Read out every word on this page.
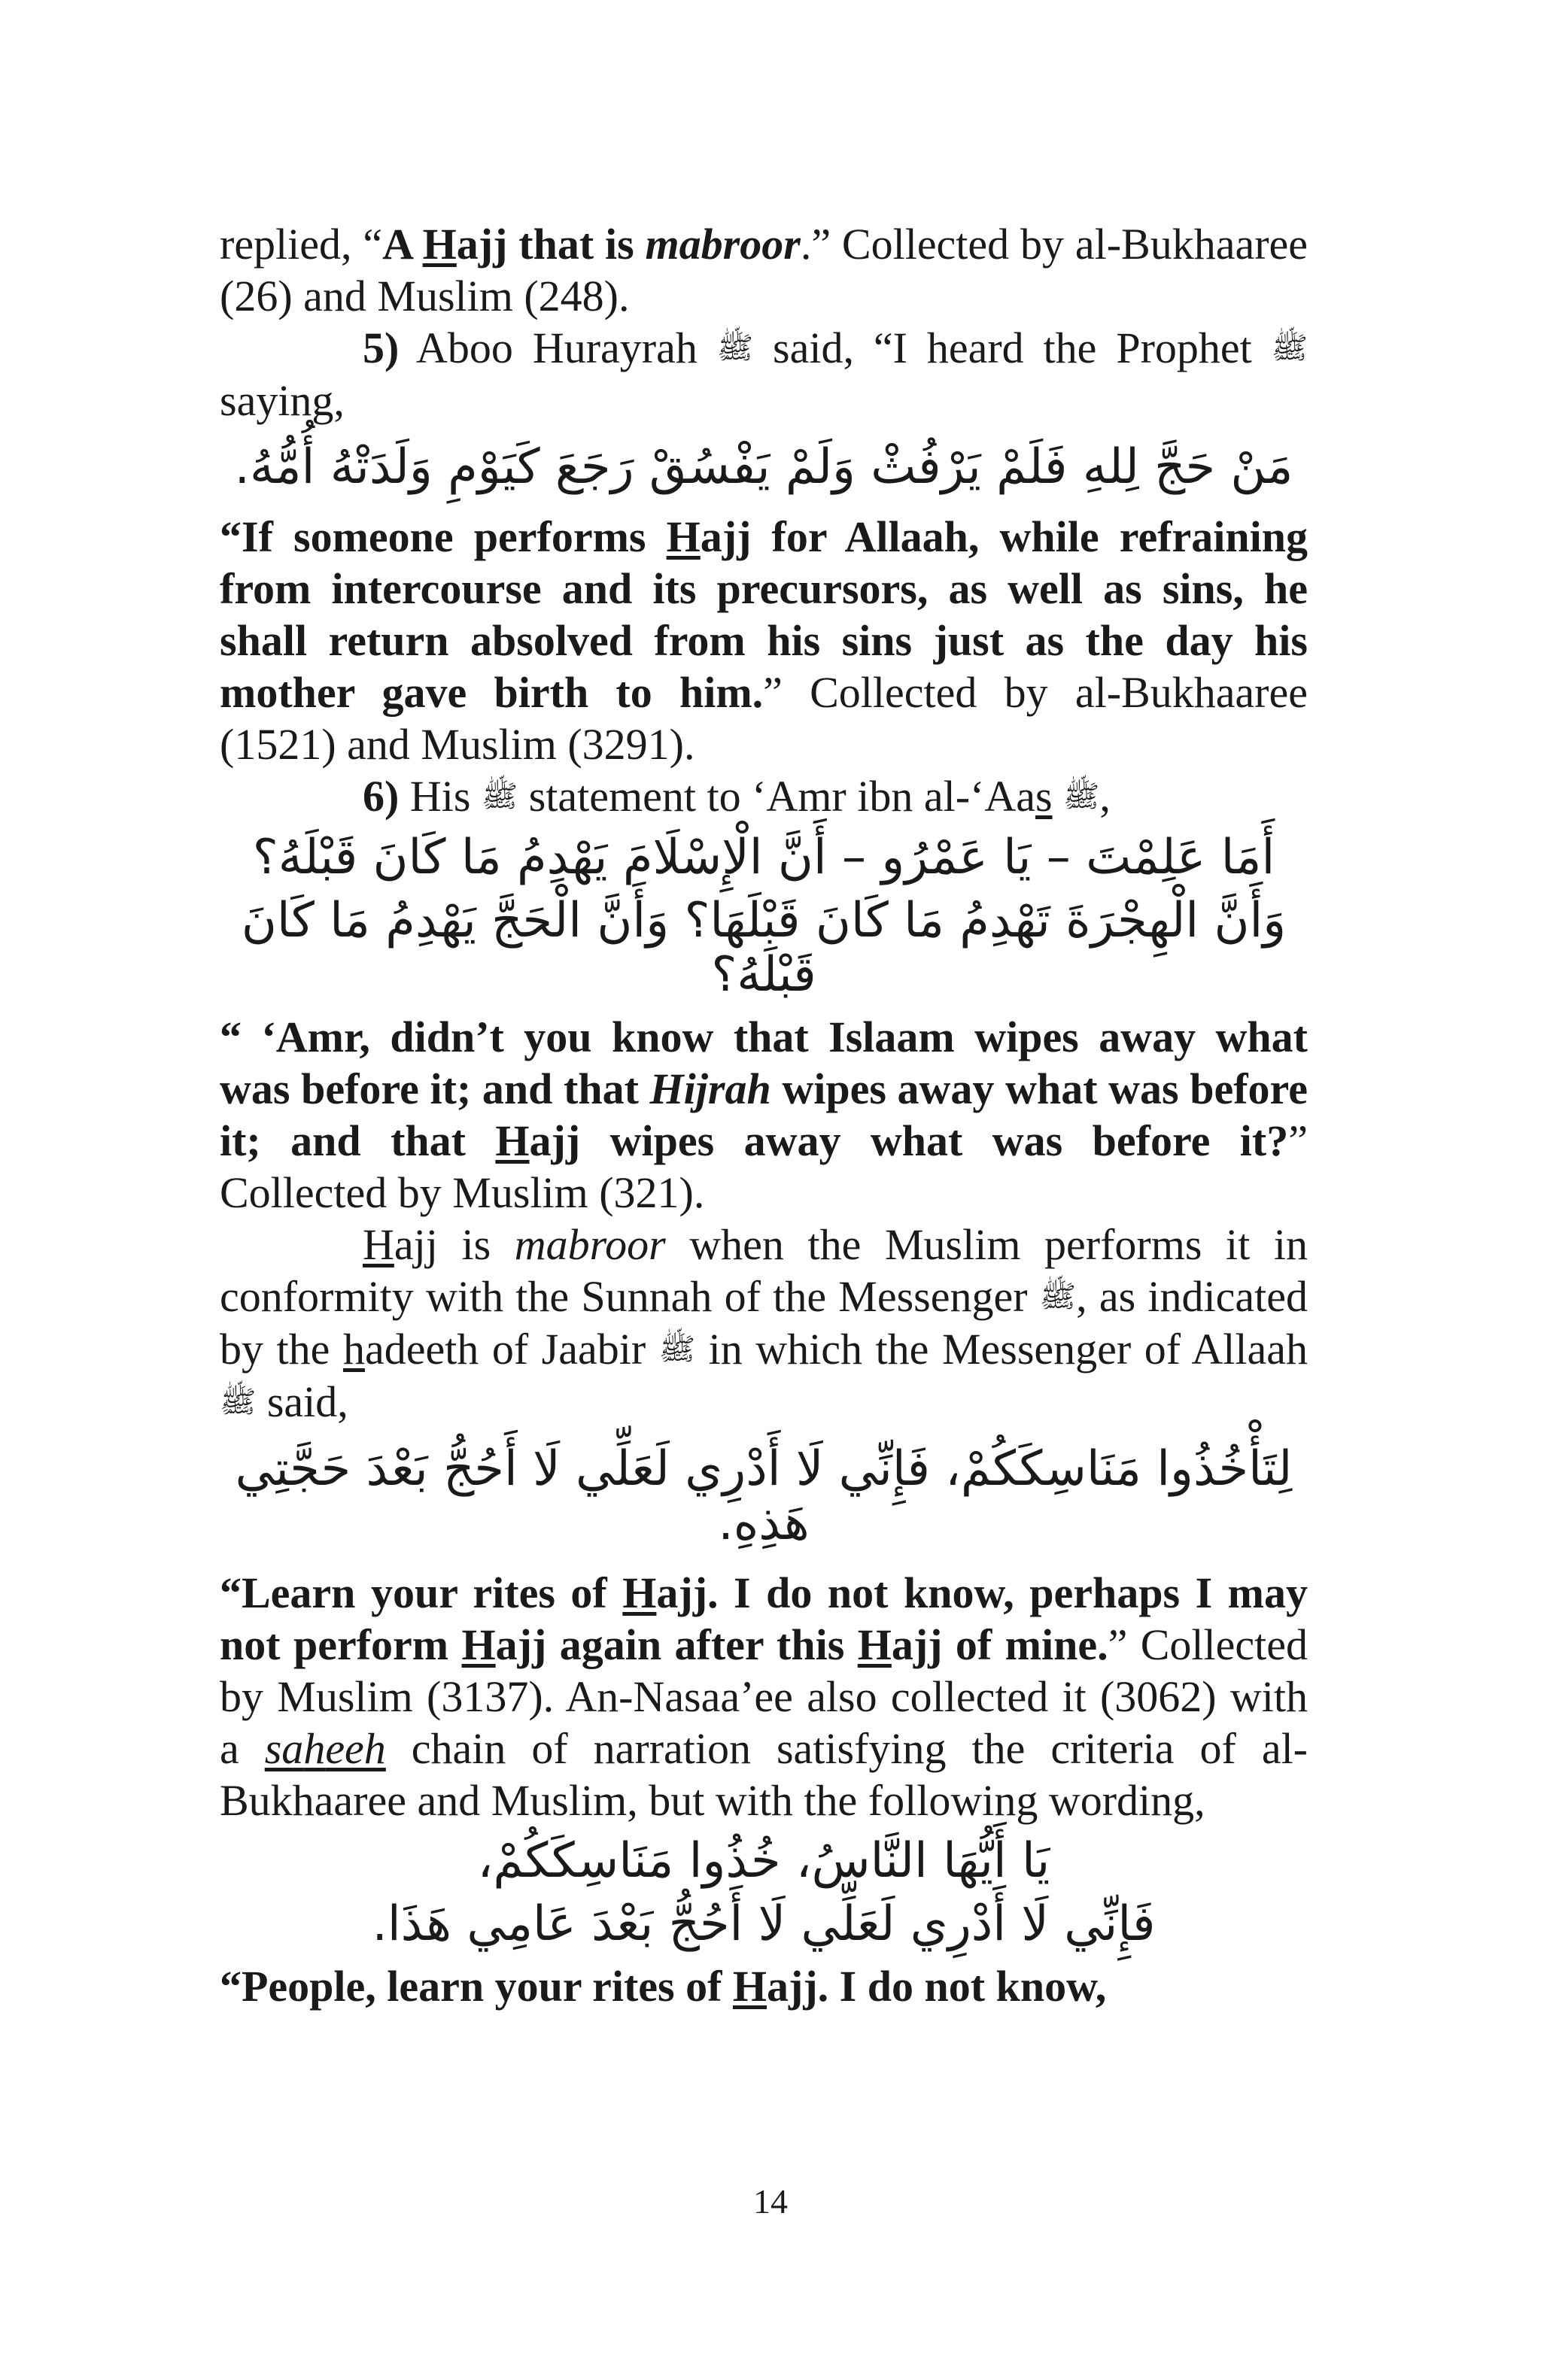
replied, “A Hajj that is mabroor.” Collected by al-Bukhaaree (26) and Muslim (248).

5) Aboo Hurayrah ﷺ said, “I heard the Prophet ﷺ saying,

مَنْ حَجَّ لِلهِ فَلَمْ يَرْفُثْ وَلَمْ يَفْسُقْ رَجَعَ كَيَوْمِ وَلَدَتْهُ أُمُّهُ.

“If someone performs Hajj for Allaah, while refraining from intercourse and its precursors, as well as sins, he shall return absolved from his sins just as the day his mother gave birth to him.” Collected by al-Bukhaaree (1521) and Muslim (3291).

6) His ﷺ statement to ‘Amr ibn al-‘Aas ﷺ,

أَمَا عَلِمْتَ – يَا عَمْرُو – أَنَّ الْإِسْلَامَ يَهْدِمُ مَا كَانَ قَبْلَهُ؟
وَأَنَّ الْهِجْرَةَ تَهْدِمُ مَا كَانَ قَبْلَهَا؟ وَأَنَّ الْحَجَّ يَهْدِمُ مَا كَانَ قَبْلَهُ؟

“ ‘Amr, didn’t you know that Islaam wipes away what was before it; and that Hijrah wipes away what was before it; and that Hajj wipes away what was before it?” Collected by Muslim (321).

Hajj is mabroor when the Muslim performs it in conformity with the Sunnah of the Messenger ﷺ, as indicated by the hadeeth of Jaabir ﷺ in which the Messenger of Allaah ﷺ said,

لِتَأْخُذُوا مَنَاسِكَكُمْ، فَإِنِّي لَا أَدْرِي لَعَلِّي لَا أَحُجُّ بَعْدَ حَجَّتِي هَذِهِ.

“Learn your rites of Hajj. I do not know, perhaps I may not perform Hajj again after this Hajj of mine.” Collected by Muslim (3137). An-Nasaa’ee also collected it (3062) with a saheeh chain of narration satisfying the criteria of al-Bukhaaree and Muslim, but with the following wording,

يَا أَيُّهَا النَّاسُ، خُذُوا مَنَاسِكَكُمْ،
فَإِنِّي لَا أَدْرِي لَعَلِّي لَا أَحُجُّ بَعْدَ عَامِي هَذَا.

“People, learn your rites of Hajj. I do not know,

14
